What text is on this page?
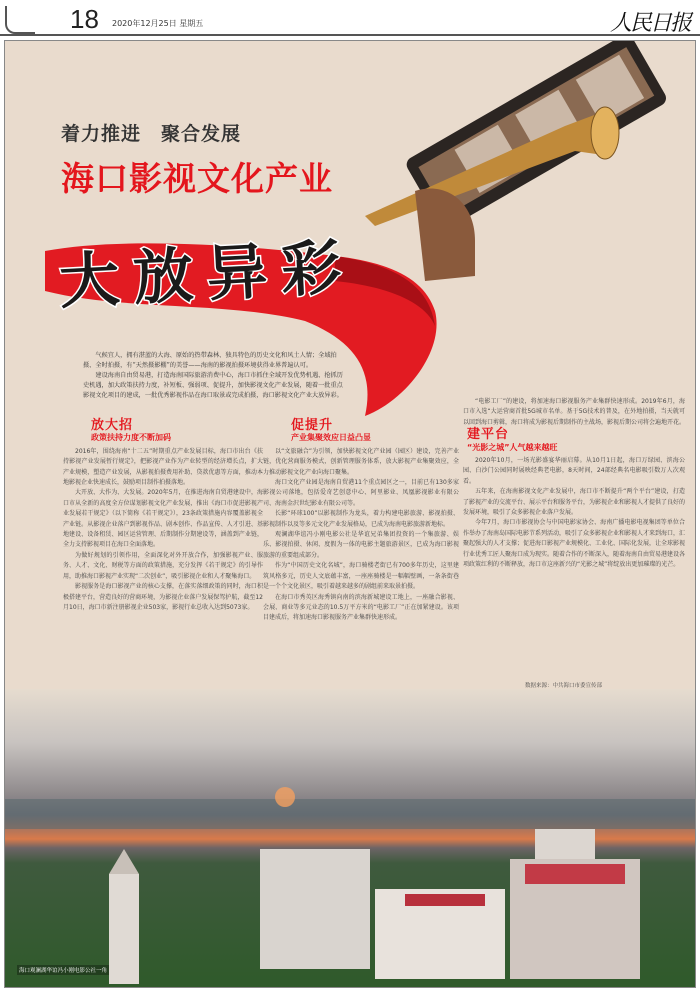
18 2020年12月25日 星期五	人民日报
着力推进　聚合发展
海口影视文化产业
大放异彩

气候宜人，拥有湛蓝的大海、原始的热带森林、独具特色的历史文化和风土人情；全域拍摄、全时拍摄，有“天然摄影棚”的美誉——海南的影视拍摄环境获得业界普遍认可。

建设海南自由贸易港，打造海南国际旅游消费中心，海口市抓住全域开发优势机遇、抢抓历史机遇，加大政策扶持力度，补短板、强弱项、促提升，加快影视文化产业发展，随着一批重点影视文化项目的建成，一批优秀影视作品在海口取景或完成拍摄，海口影视文化产业大放异彩。

放大招
政策扶持力度不断加码

2016年，围绕海南“十二五”时期重点产业发展目标，海口市出台《扶持影视产业发展暂行规定》，把影视产业作为产业转型的经济增长点，扩大产业规模，塑造产业发展，从影视拍摄费用补助、贷款优惠等方面，推动本地影视企业快速成长，鼓励项目制作拍摄落地。

大开放、大作为、大发展。2020年5月，在推进海南自贸港建设中，海口市从全新的高度全方位谋划影视文化产业发展，推出《海口市促进影视产业发展若干规定》（以下简称《若干规定》），23条政策措施内容覆盖影视全产业链。从影视企业落户到影视作品、剧本创作、作品宣传、人才引进、基地建设、设备租赁、园区运营管理、后期制作分期建设等，涵盖到产业链，全力支持影视项目在海口全面落地。

为做好规划的引领作用，全面深化对外开放合作，加强影视产业、服务、人才、文化、财税等方面的政策措施，充分发挥《若干规定》的引导作用，助推海口影视产业实现“二次创业”，吸引影视企业和人才聚集海口。

影视服务是海口影视产业的核心支撑，在落实落细政策的同时，海口积极搭建平台，营造良好的营商环境，为影视企业落户发展保驾护航，截至12月10日，海口市新注册影视企业503家，影视行业总收入达到5073家。

促提升
产业集聚效应日益凸显

以“文旅融合”为引领，加快影视文化产业园（园区）建设，完善产业链，优化营商服务模式，创新管理服务体系，放大影视产业集聚效应，全力推动影视文化产业向海口聚集。

海口文化产业园是海南自贸港11个重点园区之一，目前已有130多家影视公司落地，包括爱奇艺创意中心、阿里影业、凤凰影视影业有限公司、海南金沢世纪影业有限公司等。

长影“环球100”以影视制作为龙头，着力构建电影旅游、影视拍摄、影视制作以及等多元文化产业发展格局，已成为海南电影旅游新地标。

观澜湖华谊冯小刚电影公社是华谊兄弟集团投资的一个集旅游、娱乐、影视拍摄、休闲、度假为一体的电影主题旅游景区，已成为海口影视旅游的重要组成部分。

作为“中国历史文化名城”，海口骑楼老街已有700多年历史，这里建筑风格多元，历史人文底蕴丰富，一座座骑楼是一幅幅壁画，一条条街巷是一个个文化景区，吸引着越来越多的剧组前来取景拍摄。

在海口市秀英区海秀镇向南的滨海新城建设工地上，一座融合影视、会展、商业等多元业态的10.5万平方米的“电影工厂”正在加紧建设。该项目建成后，将加速海口影视服务产业集群快速形成。

“电影工厂”的建设，将加速海口影视服务产业集群快速形成。2019年6月，海口市入选“大运营商首批5G城市名单。基于5G技术的普及，在外地拍摄，当天就可以回到海口剪辑，海口将成为影视后期制作的主战场，影视后期公司将会遍地开花。

建平台
“光影之城”人气越来越旺

2020年10月，一场光影盛宴华丽启幕。从10月1日起，海口万绿园、滨海公园、白沙门公园同时展映经典老电影，8天时间，24部经典名电影吸引数万人次观看。

五年来，在海南影视文化产业发展中，海口市不断提升“两个平台”建设，打造了影视产业的交流平台、展示平台和服务平台，为影视企业和影视人才提供了良好的发展环境，吸引了众多影视企业落户发展。

今年7月，海口市影视协会与中国电影家协会、海南广播电影电视集团等单位合作举办了海南岛国际电影节系列活动，吸引了众多影视企业和影视人才来到海口，汇聚起强大的人才支撑；促进海口影视产业规模化、工业化、国际化发展，让全球影视行业优秀工匠人聚海口成为现实。随着合作的不断深入，随着海南自由贸易港建设各项政策红利的不断释放，海口市这座新兴的“光影之城”将绽放出更加璀璨的光芒。

数据来源：中共海口市委宣传部
海口观澜湖华谊冯小刚电影公社一角
